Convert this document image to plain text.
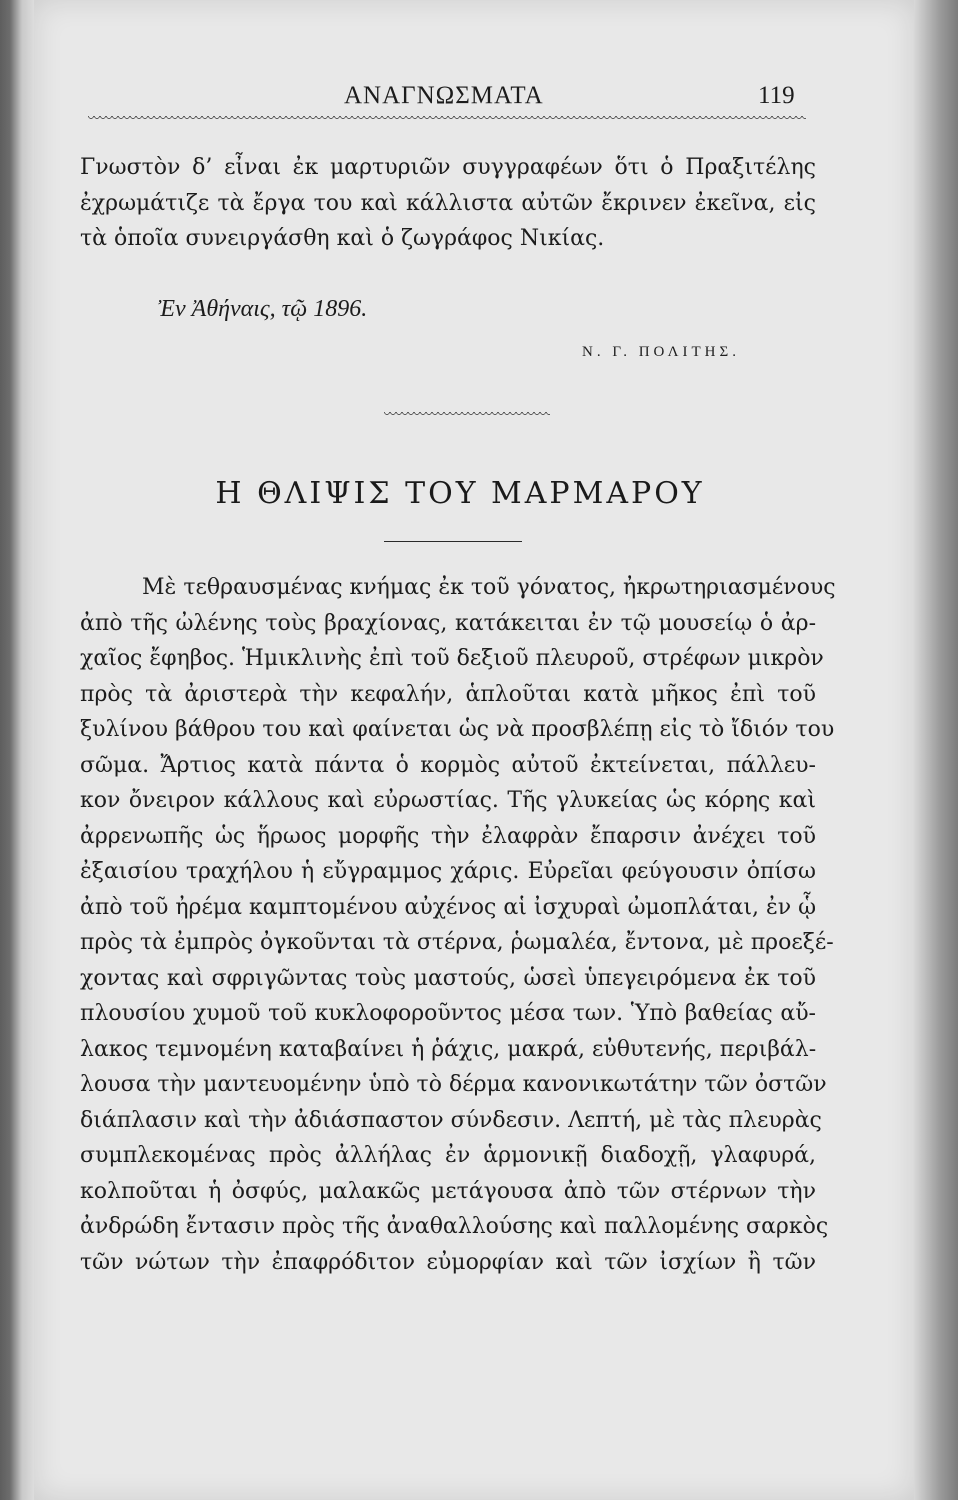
ΑΝΑΓΝΩΣΜΑΤΑ	119
Γνωστὸν δ’ εἶναι ἐκ μαρτυριῶν συγγραφέων ὅτι ὁ Πραξιτέλης
ἐχρωμάτιζε τὰ ἔργα του καὶ κάλλιστα αὐτῶν ἔκρινεν ἐκεῖνα, εἰς
τὰ ὁποῖα συνειργάσθη καὶ ὁ ζωγράφος Νικίας.
Ἐν Ἀθήναις, τῷ 1896.
Ν. Γ. ΠΟΛΙΤΗΣ.
Η ΘΛΙΨΙΣ ΤΟΥ ΜΑΡΜΑΡΟΥ
Μὲ τεθραυσμένας κνήμας ἐκ τοῦ γόνατος, ἠκρωτηριασμένους
ἀπὸ τῆς ὠλένης τοὺς βραχίονας, κατάκειται ἐν τῷ μουσείῳ ὁ ἀρ-
χαῖος ἔφηβος. Ἡμικλινὴς ἐπὶ τοῦ δεξιοῦ πλευροῦ, στρέφων μικρὸν
πρὸς τὰ ἀριστερὰ τὴν κεφαλήν, ἁπλοῦται κατὰ μῆκος ἐπὶ τοῦ
ξυλίνου βάθρου του καὶ φαίνεται ὡς νὰ προσβλέπῃ εἰς τὸ ἴδιόν του
σῶμα. Ἄρτιος κατὰ πάντα ὁ κορμὸς αὐτοῦ ἐκτείνεται, πάλλευ-
κον ὄνειρον κάλλους καὶ εὐρωστίας. Τῆς γλυκείας ὡς κόρης καὶ
ἀρρενωπῆς ὡς ἥρωος μορφῆς τὴν ἐλαφρὰν ἔπαρσιν ἀνέχει τοῦ
ἐξαισίου τραχήλου ἡ εὔγραμμος χάρις. Εὐρεῖαι φεύγουσιν ὀπίσω
ἀπὸ τοῦ ἠρέμα καμπτομένου αὐχένος αἱ ἰσχυραὶ ὠμοπλάται, ἐν ᾧ
πρὸς τὰ ἐμπρὸς ὀγκοῦνται τὰ στέρνα, ῥωμαλέα, ἔντονα, μὲ προεξέ-
χοντας καὶ σφριγῶντας τοὺς μαστούς, ὡσεὶ ὑπεγειρόμενα ἐκ τοῦ
πλουσίου χυμοῦ τοῦ κυκλοφοροῦντος μέσα των. Ὑπὸ βαθείας αὔ-
λακος τεμνομένη καταβαίνει ἡ ῥάχις, μακρά, εὐθυτενής, περιβάλ-
λουσα τὴν μαντευομένην ὑπὸ τὸ δέρμα κανονικωτάτην τῶν ὀστῶν
διάπλασιν καὶ τὴν ἀδιάσπαστον σύνδεσιν. Λεπτή, μὲ τὰς πλευρὰς
συμπλεκομένας πρὸς ἀλλήλας ἐν ἁρμονικῇ διαδοχῇ, γλαφυρά,
κολποῦται ἡ ὀσφύς, μαλακῶς μετάγουσα ἀπὸ τῶν στέρνων τὴν
ἀνδρώδη ἔντασιν πρὸς τῆς ἀναθαλλούσης καὶ παλλομένης σαρκὸς
τῶν νώτων τὴν ἐπαφρόδιτον εὐμορφίαν καὶ τῶν ἰσχίων ἢ τῶν
